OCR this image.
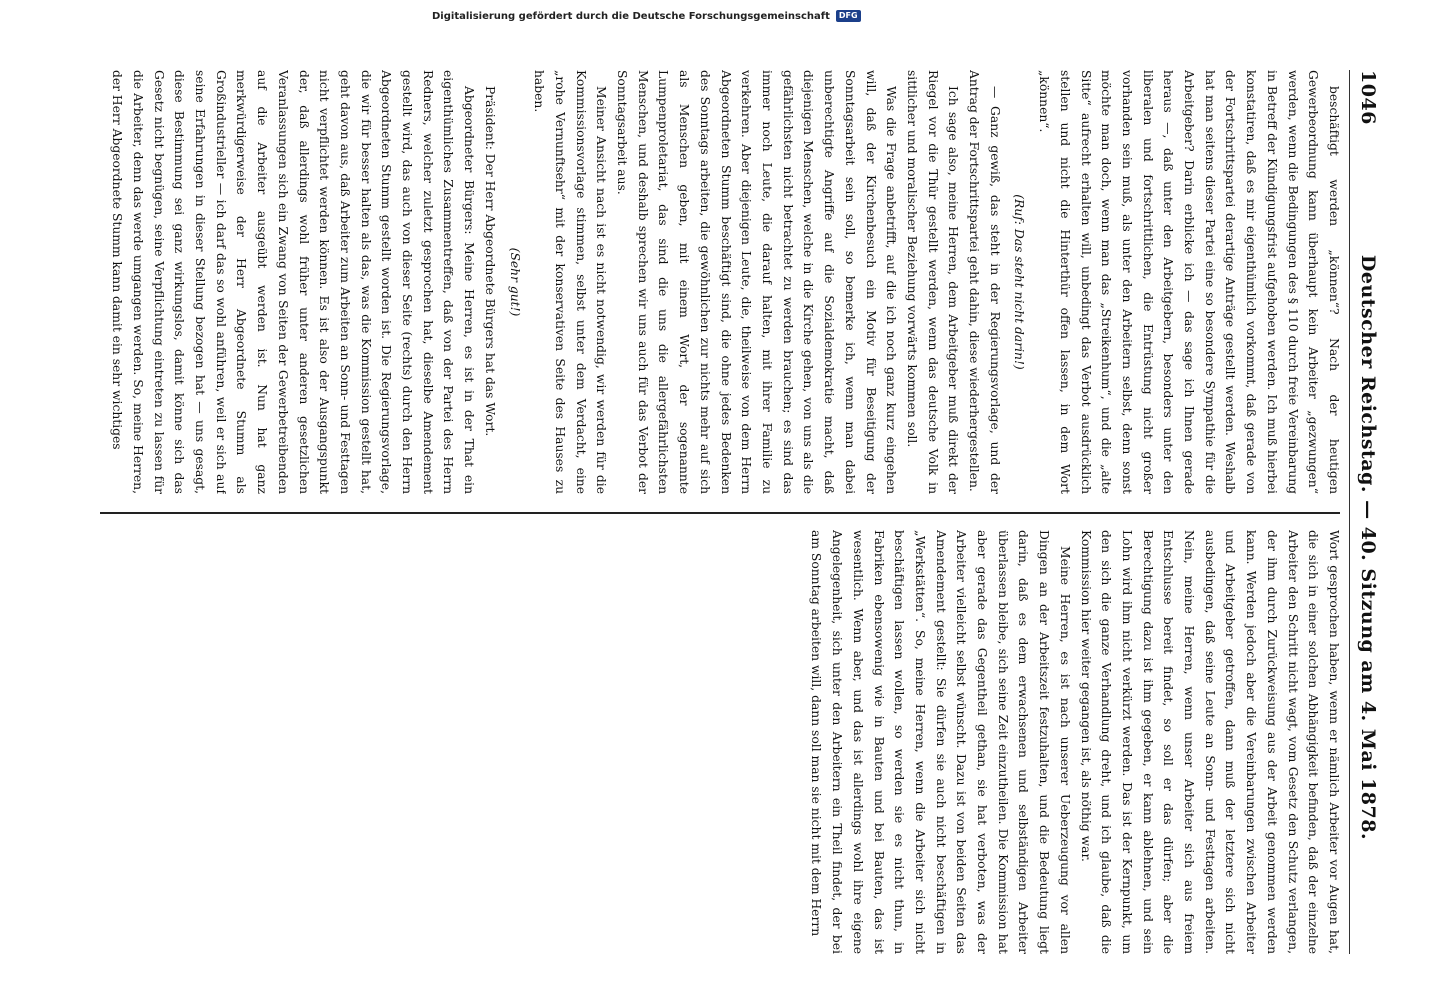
1046
Deutscher Reichstag. — 40. Sitzung am 4. Mai 1878.

beschäftigt werden „können“? Nach der heutigen Gewerbeordnung kann überhaupt kein Arbeiter „gezwungen“ werden, wenn die Bedingungen des § 110 durch freie Vereinbarung in Betreff der Kündigungsfrist aufgehoben werden. Ich muß hierbei konstatiren, daß es mir eigenthümlich vorkommt, daß gerade von der Fortschrittspartei derartige Anträge gestellt werden. Weshalb hat man seitens dieser Partei eine so besondere Sympathie für die Arbeitgeber? Darin erblicke ich — das sage ich Ihnen gerade heraus —, daß unter den Arbeitgebern, besonders unter den liberalen und fortschrittlichen, die Entrüstung nicht großer vorhanden sein muß, als unter den Arbeitern selbst, denn sonst möchte man doch, wenn man das „Streikenhum“, und die „alte Sitte“ aufrecht erhalten will, unbedingt das Verbot ausdrücklich stellen und nicht die Hinterthür offen lassen, in dem Wort „können“.

(Ruf: Das steht nicht darin!)

— Ganz gewiß, das steht in der Regierungsvorlage, und der Antrag der Fortschrittspartei geht dahin, diese wiederhergestellen.

Ich sage also, meine Herren, dem Arbeitgeber muß direkt der Riegel vor die Thür gestellt werden, wenn das deutsche Volk in sittlicher und moralischer Beziehung vorwärts kommen soll.

Was die Frage anbetrifft, auf die ich noch ganz kurz eingehen will, daß der Kirchenbesuch ein Motiv für Beseitigung der Sonntagsarbeit sein soll, so bemerke ich, wenn man dabei unberechtigte Angriffe auf die Sozialdemokratie macht, daß diejenigen Menschen, welche in die Kirche gehen, von uns als die gefährlichsten nicht betrachtet zu werden brauchen; es sind das immer noch Leute, die darauf halten, mit ihrer Familie zu verkehren. Aber diejenigen Leute, die, theilweise von dem Herrn Abgeordneten Stumm beschäftigt sind, die ohne jedes Bedenken des Sonntags arbeiten, die gewöhnlichen zur nichts mehr auf sich als Menschen geben, mit einem Wort, der sogenannte Lumpenproletariat, das sind die uns die allergefährlichsten Menschen, und deshalb sprechen wir uns auch für das Verbot der Sonntagsarbeit aus.

Meiner Ansicht nach ist es nicht notwendig, wir werden für die Kommissionsvorlage stimmen, selbst unter dem Verdacht, eine „rohe Vernunftsehr“ mit der konservativen Seite des Hauses zu haben.

(Sehr gut!)

Präsident: Der Herr Abgeordnete Bürgers hat das Wort.

Abgeordneter Bürgers: Meine Herren, es ist in der That ein eigenthümliches Zusammentreffen, daß von der Partei des Herrn Redners, welcher zuletzt gesprochen hat, dieselbe Amendement gestellt wird, das auch von dieser Seite (rechts) durch den Herrn Abgeordneten Stumm gestellt worden ist. Die Regierungsvorlage, die wir für besser halten als das, was die Kommission gestellt hat, geht davon aus, daß Arbeiter zum Arbeiten an Sonn- und Festtagen nicht verpflichtet werden können. Es ist also der Ausgangspunkt der, daß allerdings wohl früher unter anderen gesetzlichen Veranlassungen sich ein Zwang von Seiten der Gewerbetreibenden auf die Arbeiter ausgeübt werden ist. Nun hat ganz merkwürdigerweise der Herr Abgeordnete Stumm als Großindustrieller — ich darf das so wohl anführen, weil er sich auf seine Erfahrungen in dieser Stellung bezogen hat — uns gesagt, diese Bestimmung sei ganz wirkungslos, damit könne sich das Gesetz nicht begnügen, seine Verpflichtung eintreten zu lassen für die Arbeiter, denn das werde umgangen werden. So, meine Herren, der Herr Abgeordnete Stumm kann damit ein sehr wichtiges

Wort gesprochen haben, wenn er nämlich Arbeiter vor Augen hat, die sich in einer solchen Abhängigkeit befinden, daß der einzelne Arbeiter den Schritt nicht wagt, vom Gesetz den Schutz verlangen, der ihm durch Zurückweisung aus der Arbeit genommen werden kann. Werden jedoch aber die Vereinbarungen zwischen Arbeiter und Arbeitgeber getroffen, dann muß der letztere sich nicht ausbedingen, daß seine Leute an Sonn- und Festtagen arbeiten. Nein, meine Herren, wenn unser Arbeiter sich aus freiem Entschlusse bereit findet, so soll er das dürfen; aber die Berechtigung dazu ist ihm gegeben, er kann ablehnen, und sein Lohn wird ihm nicht verkürzt werden. Das ist der Kernpunkt, um den sich die ganze Verhandlung dreht, und ich glaube, daß die Kommission hier weiter gegangen ist, als nöthig war.

Meine Herren, es ist nach unserer Ueberzeugung vor allen Dingen an der Arbeitszeit festzuhalten, und die Bedeutung liegt darin, daß es dem erwachsenen und selbständigen Arbeiter überlassen bleibe, sich seine Zeit einzutheilen. Die Kommission hat aber gerade das Gegentheil gethan, sie hat verboten, was der Arbeiter vielleicht selbst wünscht. Dazu ist von beiden Seiten das Amendement gestellt: Sie dürfen sie auch nicht beschäftigen in „Werkstätten“. So, meine Herren, wenn die Arbeiter sich nicht beschäftigen lassen wollen, so werden sie es nicht thun, in Fabriken ebensowenig wie in Bauten und bei Bauten, das ist wesentlich. Wenn aber, und das ist allerdings wohl ihre eigene Angelegenheit, sich unter den Arbeitern ein Theil findet, der bei am Sonntag arbeiten will, dann soll man sie nicht mit dem Herrn

Digitalisierung gefördert durch die Deutsche Forschungsgemeinschaft	DFG
